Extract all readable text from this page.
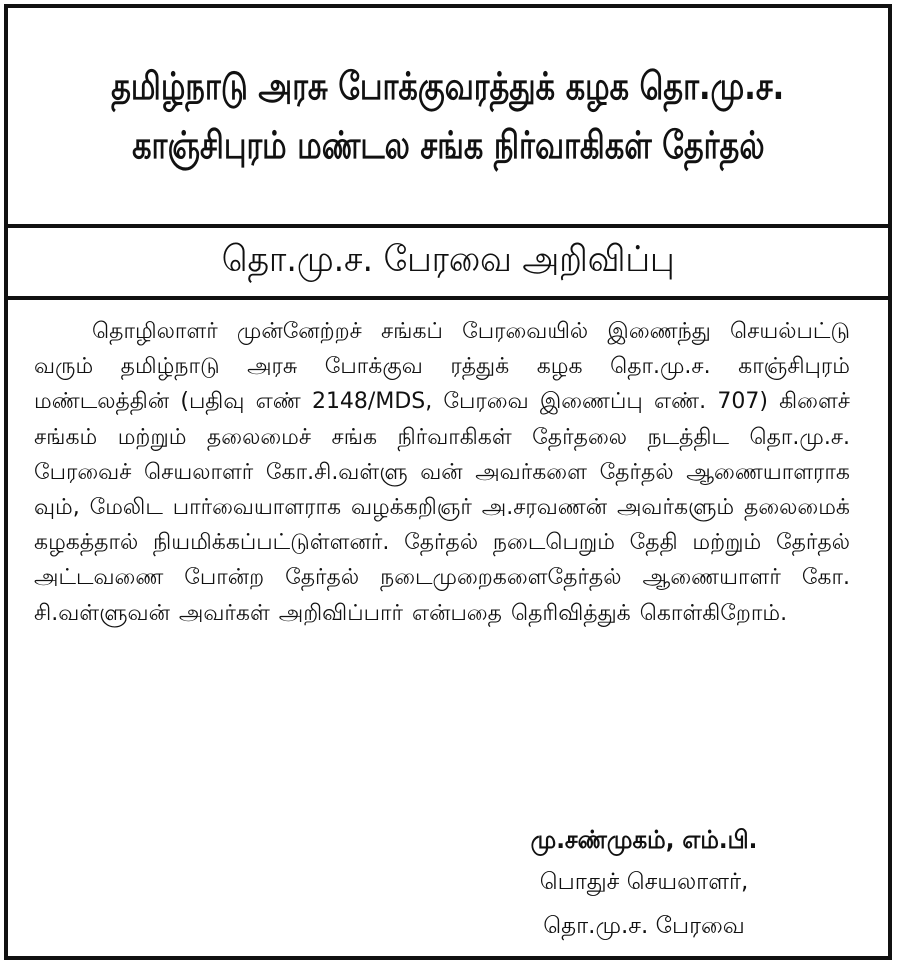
தமிழ்நாடு அரசு போக்குவரத்துக் கழக தொ.மு.ச.

காஞ்சிபுரம் மண்டல சங்க நிர்வாகிகள் தேர்தல்

தொ.மு.ச. பேரவை அறிவிப்பு

தொழிலாளர் முன்னேற்றச் சங்கப் பேரவையில் இணைந்து செயல்பட்டு வரும் தமிழ்நாடு அரசு போக்குவ ரத்துக் கழக தொ.மு.ச. காஞ்சிபுரம் மண்டலத்தின் (பதிவு எண் 2148/MDS, பேரவை இணைப்பு எண். 707) கிளைச் சங்கம் மற்றும் தலைமைச் சங்க நிர்வாகிகள் தேர்தலை நடத்திட தொ.மு.ச. பேரவைச் செயலாளர் கோ.சி.வள்ளு வன் அவர்களை தேர்தல் ஆணையாளராக வும், மேலிட பார்வையாளராக வழக்கறிஞர் அ.சரவணன் அவர்களும் தலைமைக் கழகத்தால் நியமிக்கப்பட்டுள்ளனர். தேர்தல் நடைபெறும் தேதி மற்றும் தேர்தல் அட்டவணை போன்ற தேர்தல் நடைமுறைகளைதேர்தல் ஆணையாளர் கோ. சி.வள்ளுவன் அவர்கள் அறிவிப்பார் என்பதை தெரிவித்துக் கொள்கிறோம்.

மு.சண்முகம், எம்.பி.

பொதுச் செயலாளர்,

தொ.மு.ச. பேரவை
